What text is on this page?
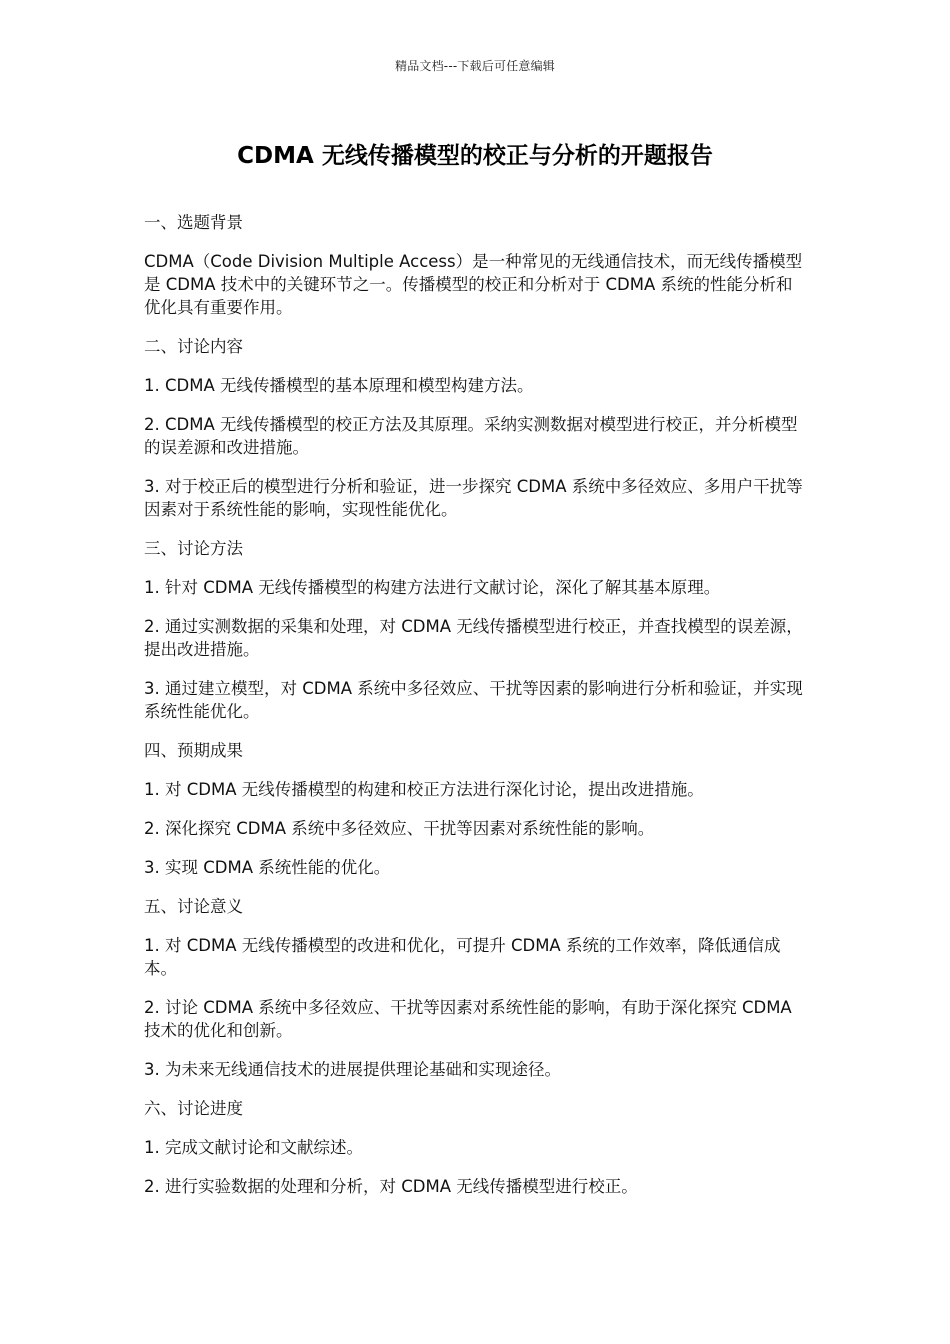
精品文档---下载后可任意编辑
CDMA 无线传播模型的校正与分析的开题报告
一、选题背景

CDMA（Code Division Multiple Access）是一种常见的无线通信技术，而无线传播模型是 CDMA 技术中的关键环节之一。传播模型的校正和分析对于 CDMA 系统的性能分析和优化具有重要作用。

二、讨论内容

1. CDMA 无线传播模型的基本原理和模型构建方法。

2. CDMA 无线传播模型的校正方法及其原理。采纳实测数据对模型进行校正，并分析模型的误差源和改进措施。

3. 对于校正后的模型进行分析和验证，进一步探究 CDMA 系统中多径效应、多用户干扰等因素对于系统性能的影响，实现性能优化。

三、讨论方法

1. 针对 CDMA 无线传播模型的构建方法进行文献讨论，深化了解其基本原理。

2. 通过实测数据的采集和处理，对 CDMA 无线传播模型进行校正，并查找模型的误差源，提出改进措施。

3. 通过建立模型，对 CDMA 系统中多径效应、干扰等因素的影响进行分析和验证，并实现系统性能优化。

四、预期成果

1. 对 CDMA 无线传播模型的构建和校正方法进行深化讨论，提出改进措施。

2. 深化探究 CDMA 系统中多径效应、干扰等因素对系统性能的影响。

3. 实现 CDMA 系统性能的优化。

五、讨论意义

1. 对 CDMA 无线传播模型的改进和优化，可提升 CDMA 系统的工作效率，降低通信成本。

2. 讨论 CDMA 系统中多径效应、干扰等因素对系统性能的影响，有助于深化探究 CDMA 技术的优化和创新。

3. 为未来无线通信技术的进展提供理论基础和实现途径。

六、讨论进度

1. 完成文献讨论和文献综述。

2. 进行实验数据的处理和分析，对 CDMA 无线传播模型进行校正。
